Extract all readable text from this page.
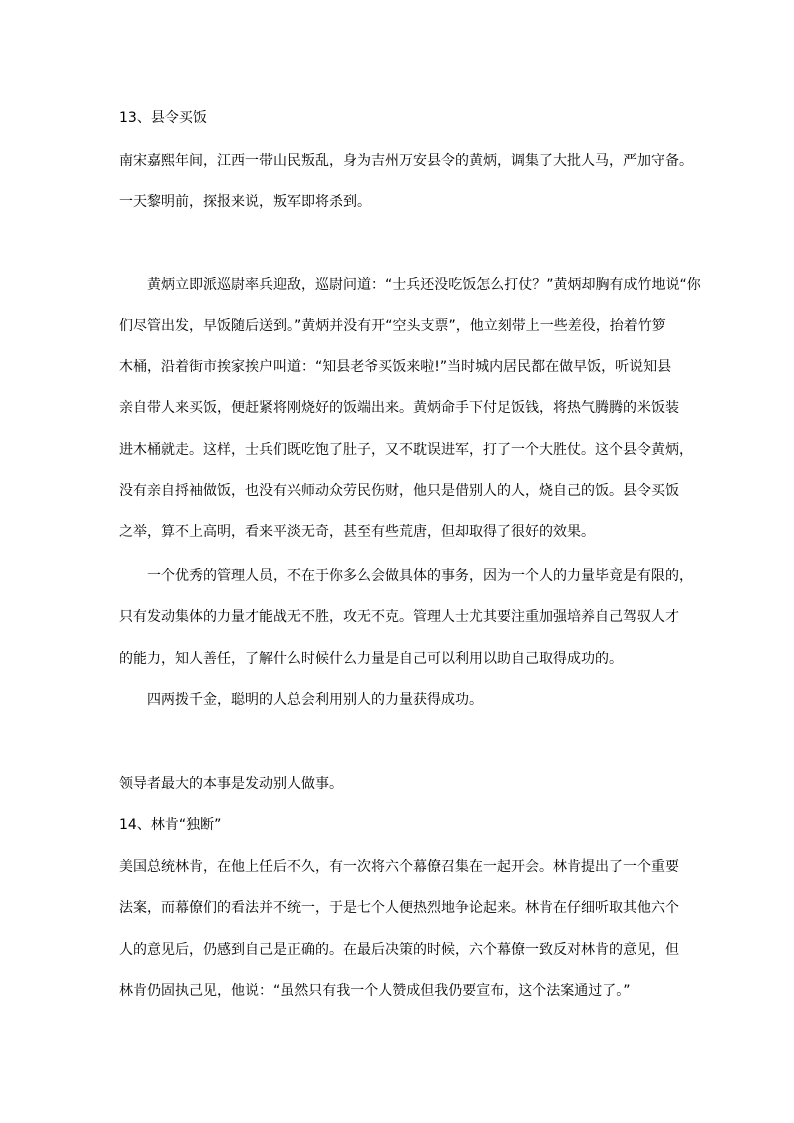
13、县令买饭
南宋嘉熙年间，江西一带山民叛乱，身为吉州万安县令的黄炳，调集了大批人马，严加守备。
一天黎明前，探报来说，叛军即将杀到。
黄炳立即派巡尉率兵迎敌，巡尉问道：“士兵还没吃饭怎么打仗？”黄炳却胸有成竹地说“你
们尽管出发，早饭随后送到。”黄炳并没有开“空头支票”，他立刻带上一些差役，抬着竹箩
木桶，沿着街市挨家挨户叫道：“知县老爷买饭来啦!”当时城内居民都在做早饭，听说知县
亲自带人来买饭，便赶紧将刚烧好的饭端出来。黄炳命手下付足饭钱，将热气腾腾的米饭装
进木桶就走。这样，士兵们既吃饱了肚子，又不耽误进军，打了一个大胜仗。这个县令黄炳，
没有亲自捋袖做饭，也没有兴师动众劳民伤财，他只是借别人的人，烧自己的饭。县令买饭
之举，算不上高明，看来平淡无奇，甚至有些荒唐，但却取得了很好的效果。
一个优秀的管理人员，不在于你多么会做具体的事务，因为一个人的力量毕竟是有限的，
只有发动集体的力量才能战无不胜，攻无不克。管理人士尤其要注重加强培养自己驾驭人才
的能力，知人善任，了解什么时候什么力量是自己可以利用以助自己取得成功的。
四两拨千金，聪明的人总会利用别人的力量获得成功。
领导者最大的本事是发动别人做事。
14、林肯“独断”
美国总统林肯，在他上任后不久，有一次将六个幕僚召集在一起开会。林肯提出了一个重要
法案，而幕僚们的看法并不统一，于是七个人便热烈地争论起来。林肯在仔细听取其他六个
人的意见后，仍感到自己是正确的。在最后决策的时候，六个幕僚一致反对林肯的意见，但
林肯仍固执己见，他说：“虽然只有我一个人赞成但我仍要宣布，这个法案通过了。”
